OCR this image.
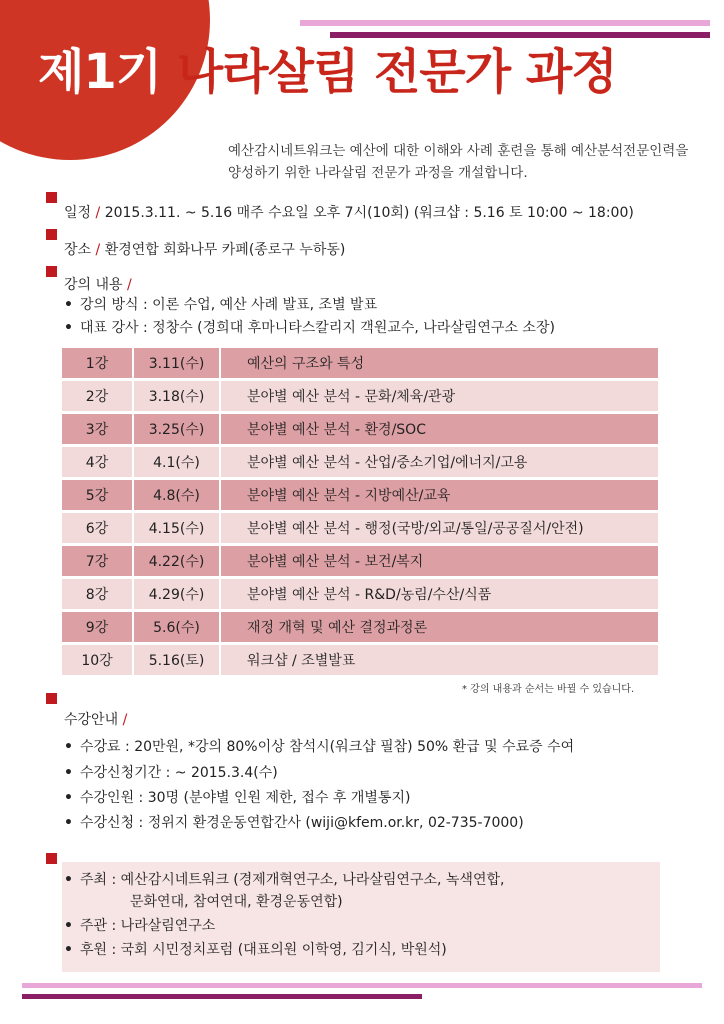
제1기 나라살림 전문가 과정
예산감시네트워크는 예산에 대한 이해와 사례 훈련을 통해 예산분석전문인력을 양성하기 위한 나라살림 전문가 과정을 개설합니다.
일정 / 2015.3.11. ~ 5.16 매주 수요일 오후 7시(10회) (워크샵 : 5.16 토 10:00 ~ 18:00)
장소 / 환경연합 회화나무 카페(종로구 누하동)
강의 내용 /
• 강의 방식 : 이론 수업, 예산 사례 발표, 조별 발표
• 대표 강사 : 정창수 (경희대 후마니타스칼리지 객원교수, 나라살림연구소 소장)
1강	3.11(수)	예산의 구조와 특성
2강	3.18(수)	분야별 예산 분석 - 문화/체육/관광
3강	3.25(수)	분야별 예산 분석 - 환경/SOC
4강	4.1(수)	분야별 예산 분석 - 산업/중소기업/에너지/고용
5강	4.8(수)	분야별 예산 분석 - 지방예산/교육
6강	4.15(수)	분야별 예산 분석 - 행정(국방/외교/통일/공공질서/안전)
7강	4.22(수)	분야별 예산 분석 - 보건/복지
8강	4.29(수)	분야별 예산 분석 - R&D/농림/수산/식품
9강	5.6(수)	재정 개혁 및 예산 결정과정론
10강	5.16(토)	워크샵 / 조별발표
* 강의 내용과 순서는 바뀔 수 있습니다.
수강안내 /
• 수강료 : 20만원, *강의 80%이상 참석시(워크샵 필참) 50% 환급 및 수료증 수여
• 수강신청기간 : ~ 2015.3.4(수)
• 수강인원 : 30명 (분야별 인원 제한, 접수 후 개별통지)
• 수강신청 : 정위지 환경운동연합간사 (wiji@kfem.or.kr, 02-735-7000)
• 주최 : 예산감시네트워크 (경제개혁연구소, 나라살림연구소, 녹색연합,
문화연대, 참여연대, 환경운동연합)
• 주관 : 나라살림연구소
• 후원 : 국회 시민정치포럼 (대표의원 이학영, 김기식, 박원석)
